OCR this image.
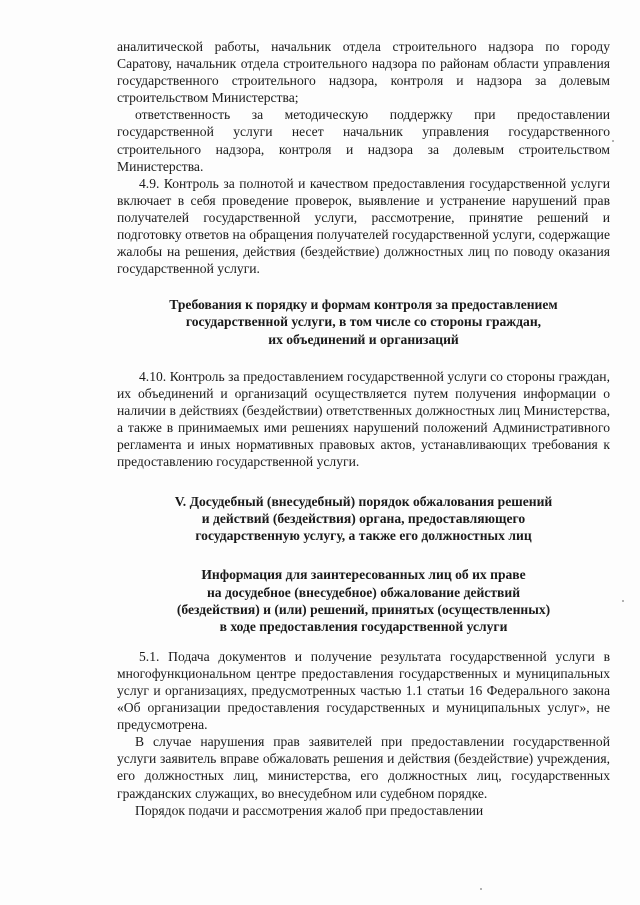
аналитической работы, начальник отдела строительного надзора по городу Саратову, начальник отдела строительного надзора по районам области управления государственного строительного надзора, контроля и надзора за долевым строительством Министерства;

ответственность за методическую поддержку при предоставлении государственной услуги несет начальник управления государственного строительного надзора, контроля и надзора за долевым строительством Министерства.

4.9. Контроль за полнотой и качеством предоставления государственной услуги включает в себя проведение проверок, выявление и устранение нарушений прав получателей государственной услуги, рассмотрение, принятие решений и подготовку ответов на обращения получателей государственной услуги, содержащие жалобы на решения, действия (бездействие) должностных лиц по поводу оказания государственной услуги.

Требования к порядку и формам контроля за предоставлением
государственной услуги, в том числе со стороны граждан,
их объединений и организаций

4.10. Контроль за предоставлением государственной услуги со стороны граждан, их объединений и организаций осуществляется путем получения информации о наличии в действиях (бездействии) ответственных должностных лиц Министерства, а также в принимаемых ими решениях нарушений положений Административного регламента и иных нормативных правовых актов, устанавливающих требования к предоставлению государственной услуги.

V. Досудебный (внесудебный) порядок обжалования решений
и действий (бездействия) органа, предоставляющего
государственную услугу, а также его должностных лиц
Информация для заинтересованных лиц об их праве
на досудебное (внесудебное) обжалование действий
(бездействия) и (или) решений, принятых (осуществленных)
в ходе предоставления государственной услуги

5.1. Подача документов и получение результата государственной услуги в многофункциональном центре предоставления государственных и муниципальных услуг и организациях, предусмотренных частью 1.1 статьи 16 Федерального закона «Об организации предоставления государственных и муниципальных услуг», не предусмотрена.

В случае нарушения прав заявителей при предоставлении государственной услуги заявитель вправе обжаловать решения и действия (бездействие) учреждения, его должностных лиц, министерства, его должностных лиц, государственных гражданских служащих, во внесудебном или судебном порядке.

Порядок подачи и рассмотрения жалоб при предоставлении
